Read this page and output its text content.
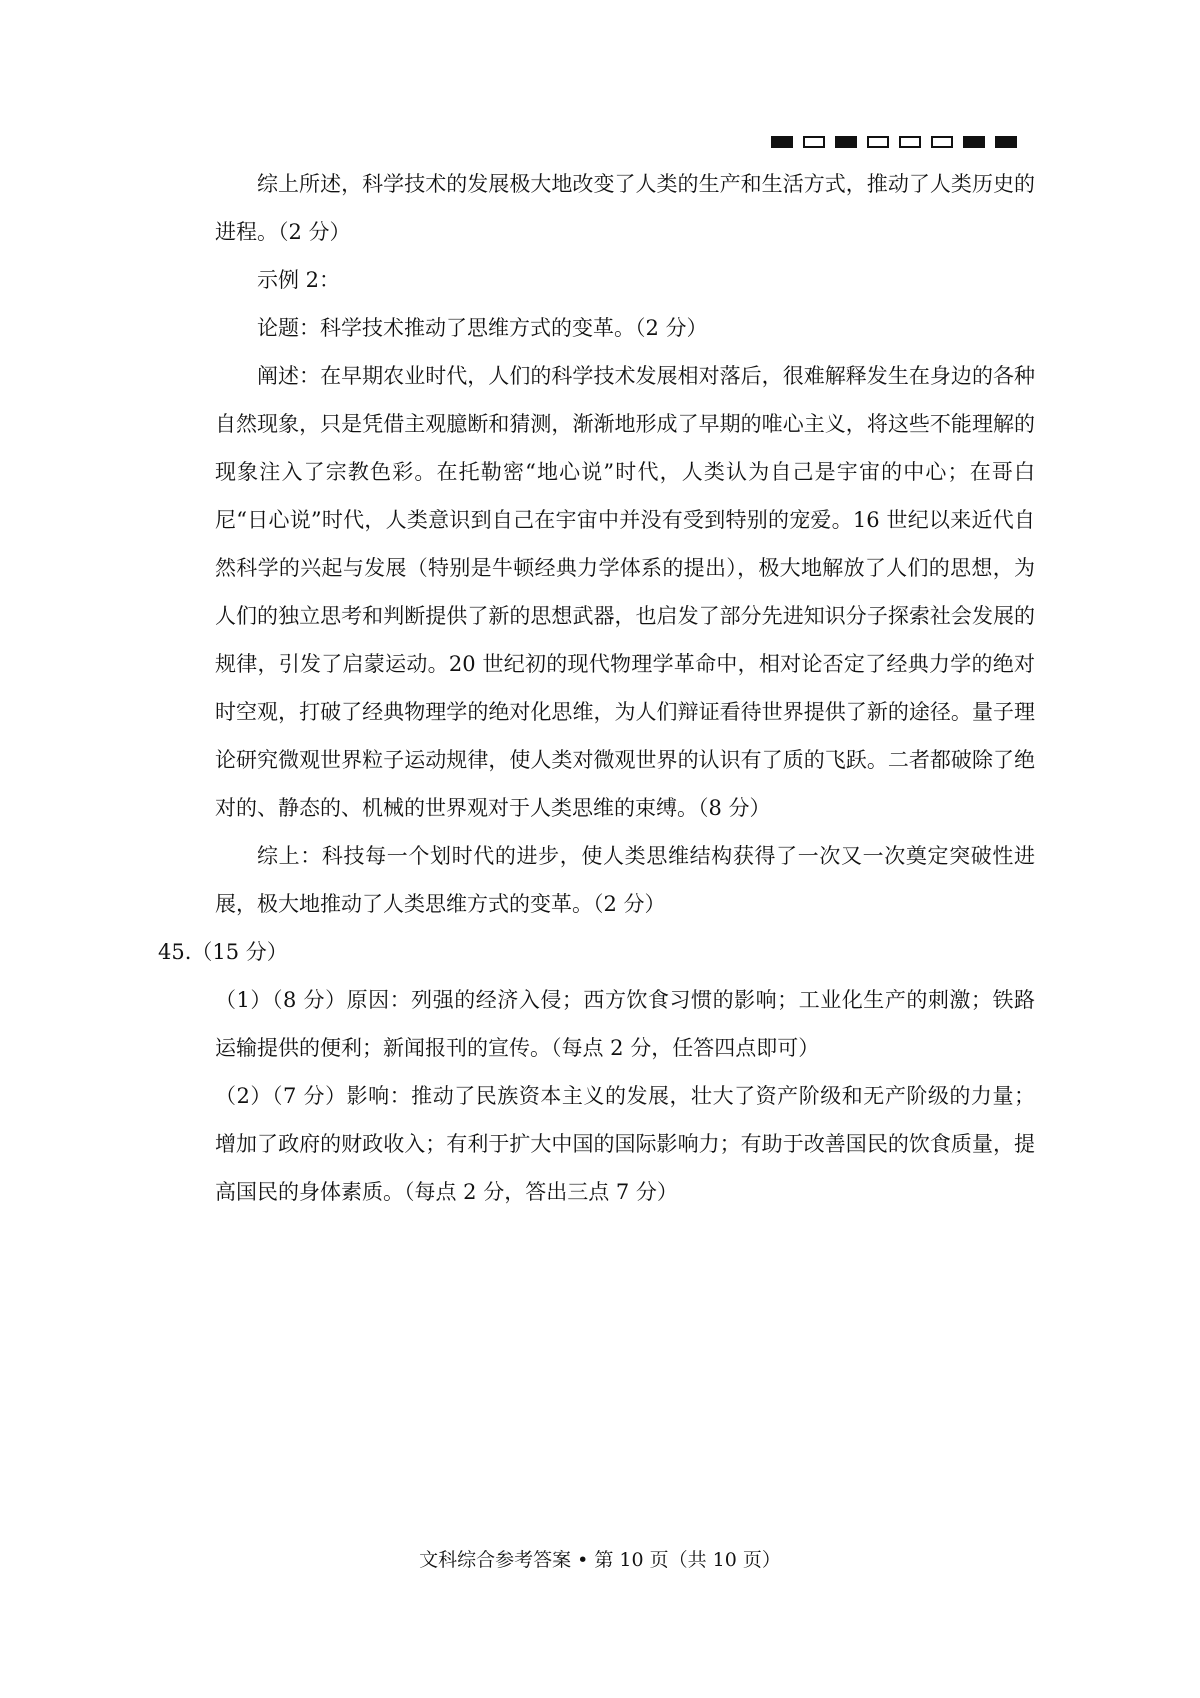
综上所述，科学技术的发展极大地改变了人类的生产和生活方式，推动了人类历史的进程。（2 分）

示例 2：

论题：科学技术推动了思维方式的变革。（2 分）

阐述：在早期农业时代，人们的科学技术发展相对落后，很难解释发生在身边的各种自然现象，只是凭借主观臆断和猜测，渐渐地形成了早期的唯心主义，将这些不能理解的现象注入了宗教色彩。在托勒密“地心说”时代，人类认为自己是宇宙的中心；在哥白尼“日心说”时代，人类意识到自己在宇宙中并没有受到特别的宠爱。16 世纪以来近代自然科学的兴起与发展（特别是牛顿经典力学体系的提出），极大地解放了人们的思想，为人们的独立思考和判断提供了新的思想武器，也启发了部分先进知识分子探索社会发展的规律，引发了启蒙运动。20 世纪初的现代物理学革命中，相对论否定了经典力学的绝对时空观，打破了经典物理学的绝对化思维，为人们辩证看待世界提供了新的途径。量子理论研究微观世界粒子运动规律，使人类对微观世界的认识有了质的飞跃。二者都破除了绝对的、静态的、机械的世界观对于人类思维的束缚。（8 分）

综上：科技每一个划时代的进步，使人类思维结构获得了一次又一次奠定突破性进展，极大地推动了人类思维方式的变革。（2 分）

45.（15 分）

（1）（8 分）原因：列强的经济入侵；西方饮食习惯的影响；工业化生产的刺激；铁路运输提供的便利；新闻报刊的宣传。（每点 2 分，任答四点即可）

（2）（7 分）影响：推动了民族资本主义的发展，壮大了资产阶级和无产阶级的力量；增加了政府的财政收入；有利于扩大中国的国际影响力；有助于改善国民的饮食质量，提高国民的身体素质。（每点 2 分，答出三点 7 分）

文科综合参考答案 • 第 10 页（共 10 页）
